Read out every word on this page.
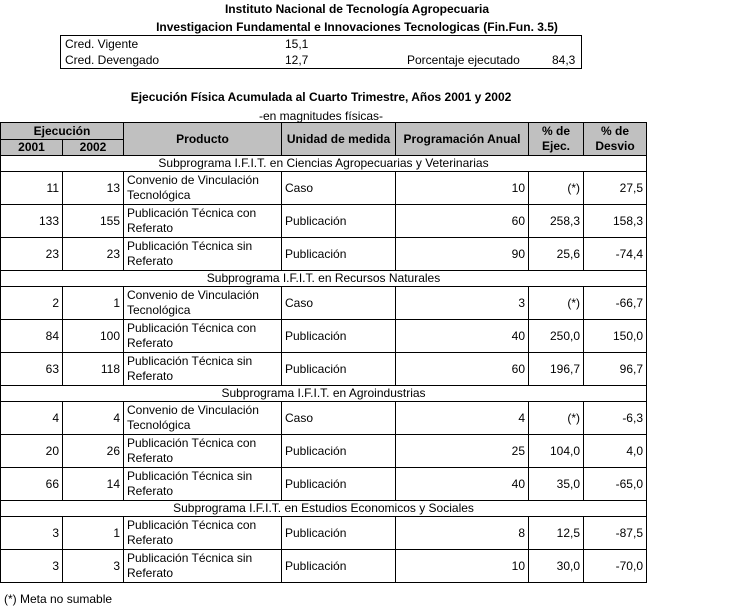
Instituto Nacional de Tecnología Agropecuaria
Investigacion Fundamental e Innovaciones Tecnologicas (Fin.Fun. 3.5)
Cred. Vigente	15,1
Cred. Devengado	12,7	Porcentaje ejecutado	84,3
Ejecución Física Acumulada al Cuarto Trimestre, Años 2001 y 2002
-en magnitudes físicas-
Ejecución		Producto	Unidad de medida	Programación Anual	% de Ejec.	% de Desvio
2001	2002					
Subprograma I.F.I.T. en Ciencias Agropecuarias y Veterinarias						
11	13	Convenio de Vinculación Tecnológica	Caso	10	(*)	27,5
133	155	Publicación Técnica con Referato	Publicación	60	258,3	158,3
23	23	Publicación Técnica sin Referato	Publicación	90	25,6	-74,4
Subprograma I.F.I.T. en Recursos Naturales						
2	1	Convenio de Vinculación Tecnológica	Caso	3	(*)	-66,7
84	100	Publicación Técnica con Referato	Publicación	40	250,0	150,0
63	118	Publicación Técnica sin Referato	Publicación	60	196,7	96,7
Subprograma I.F.I.T. en Agroindustrias						
4	4	Convenio de Vinculación Tecnológica	Caso	4	(*)	-6,3
20	26	Publicación Técnica con Referato	Publicación	25	104,0	4,0
66	14	Publicación Técnica sin Referato	Publicación	40	35,0	-65,0
Subprograma I.F.I.T. en Estudios Economicos y Sociales						
3	1	Publicación Técnica con Referato	Publicación	8	12,5	-87,5
3	3	Publicación Técnica sin Referato	Publicación	10	30,0	-70,0
(*) Meta no sumable
